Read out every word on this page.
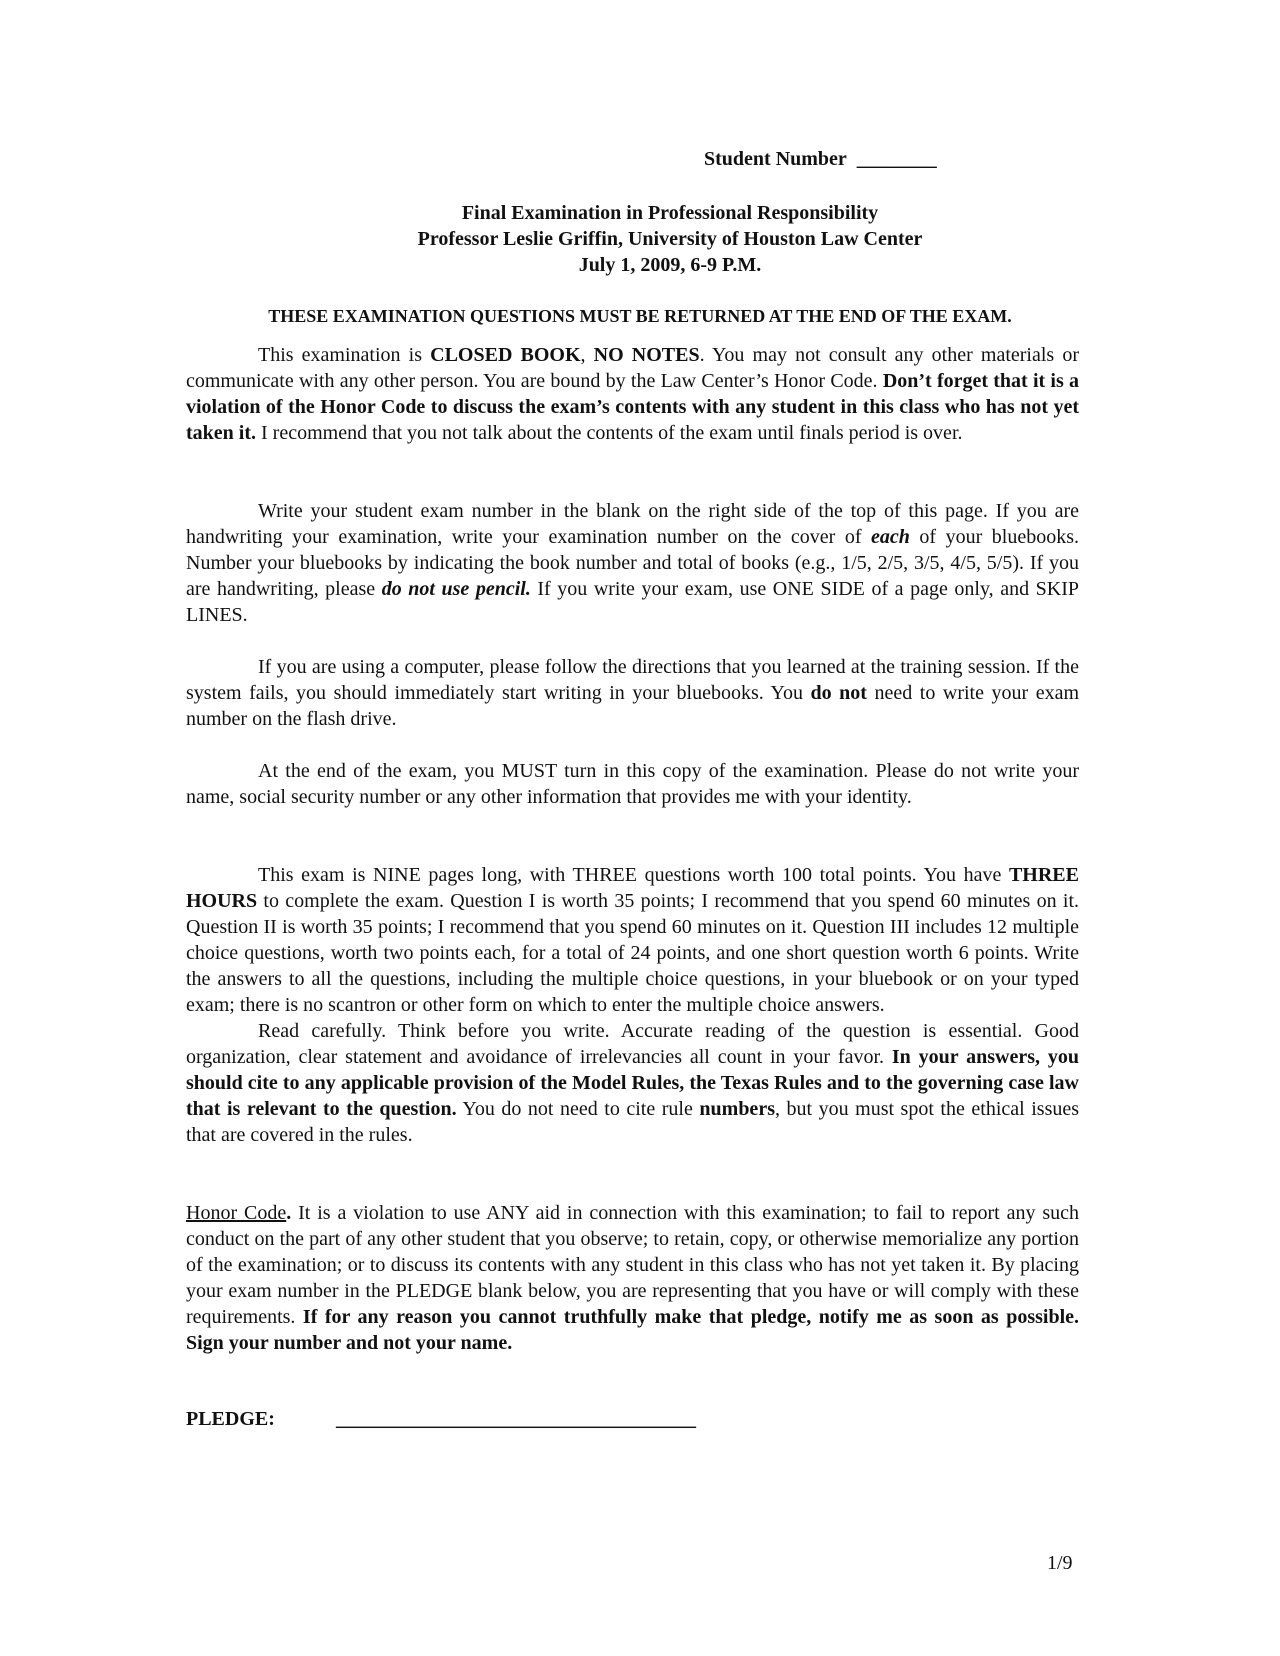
Student Number ________
Final Examination in Professional Responsibility
Professor Leslie Griffin, University of Houston Law Center
July 1, 2009, 6-9 P.M.
THESE EXAMINATION QUESTIONS MUST BE RETURNED AT THE END OF THE EXAM.

This examination is CLOSED BOOK, NO NOTES. You may not consult any other materials or communicate with any other person. You are bound by the Law Center’s Honor Code. Don’t forget that it is a violation of the Honor Code to discuss the exam’s contents with any student in this class who has not yet taken it. I recommend that you not talk about the contents of the exam until finals period is over.

Write your student exam number in the blank on the right side of the top of this page. If you are handwriting your examination, write your examination number on the cover of each of your bluebooks. Number your bluebooks by indicating the book number and total of books (e.g., 1/5, 2/5, 3/5, 4/5, 5/5). If you are handwriting, please do not use pencil. If you write your exam, use ONE SIDE of a page only, and SKIP LINES.

If you are using a computer, please follow the directions that you learned at the training session. If the system fails, you should immediately start writing in your bluebooks. You do not need to write your exam number on the flash drive.

At the end of the exam, you MUST turn in this copy of the examination. Please do not write your name, social security number or any other information that provides me with your identity.

This exam is NINE pages long, with THREE questions worth 100 total points. You have THREE HOURS to complete the exam. Question I is worth 35 points; I recommend that you spend 60 minutes on it. Question II is worth 35 points; I recommend that you spend 60 minutes on it. Question III includes 12 multiple choice questions, worth two points each, for a total of 24 points, and one short question worth 6 points. Write the answers to all the questions, including the multiple choice questions, in your bluebook or on your typed exam; there is no scantron or other form on which to enter the multiple choice answers.

Read carefully. Think before you write. Accurate reading of the question is essential. Good organization, clear statement and avoidance of irrelevancies all count in your favor. In your answers, you should cite to any applicable provision of the Model Rules, the Texas Rules and to the governing case law that is relevant to the question. You do not need to cite rule numbers, but you must spot the ethical issues that are covered in the rules.

Honor Code. It is a violation to use ANY aid in connection with this examination; to fail to report any such conduct on the part of any other student that you observe; to retain, copy, or otherwise memorialize any portion of the examination; or to discuss its contents with any student in this class who has not yet taken it. By placing your exam number in the PLEDGE blank below, you are representing that you have or will comply with these requirements. If for any reason you cannot truthfully make that pledge, notify me as soon as possible. Sign your number and not your name.

PLEDGE:	____________________________________
1/9
